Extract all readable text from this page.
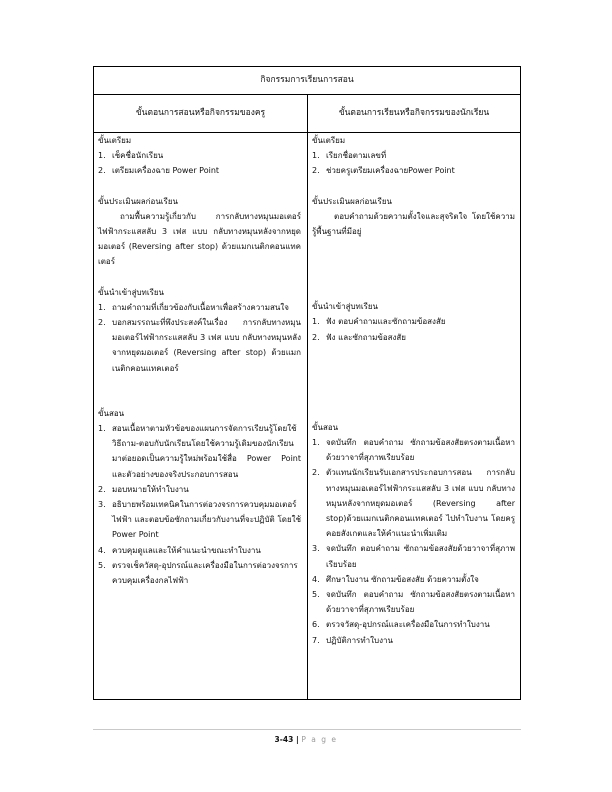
กิจกรรมการเรียนการสอน
ขั้นตอนการสอนหรือกิจกรรมของครู	ขั้นตอนการเรียนหรือกิจกรรมของนักเรียน
ขั้นเตรียม
1. เช็คชื่อนักเรียน
2. เตรียมเครื่องฉาย Power Point
ขั้นประเมินผลก่อนเรียน
ถามพื้นความรู้เกี่ยวกับ การกลับทางหมุนมอเตอร์ไฟฟ้ากระแสสลับ 3 เฟส แบบ กลับทางหมุนหลังจากหยุดมอเตอร์ (Reversing after stop) ด้วยแมกเนติกคอนแทคเตอร์
ขั้นนำเข้าสู่บทเรียน
1. ถามคำถามที่เกี่ยวข้องกับเนื้อหาเพื่อสร้างความสนใจ
2. บอกสมรรถนะที่พึงประสงค์ในเรื่อง การกลับทางหมุนมอเตอร์ไฟฟ้ากระแสสลับ 3 เฟส แบบ กลับทางหมุนหลังจากหยุดมอเตอร์ (Reversing after stop) ด้วยแมกเนติกคอนแทคเตอร์
ขั้นสอน
1. สอนเนื้อหาตามหัวข้อของแผนการจัดการเรียนรู้โดยใช้วิธีถาม-ตอบกับนักเรียนโดยใช้ความรู้เดิมของนักเรียนมาต่อยอดเป็นความรู้ใหม่พร้อมใช้สื่อ Power Point และตัวอย่างของจริงประกอบการสอน
2. มอบหมายให้ทำใบงาน
3. อธิบายพร้อมเทคนิคในการต่อวงจรการควบคุมมอเตอร์ไฟฟ้า และตอบข้อซักถามเกี่ยวกับงานที่จะปฏิบัติ โดยใช้ Power Point
4. ควบคุมดูแลและให้คำแนะนำขณะทำใบงาน
5. ตรวจเช็ควัสดุ-อุปกรณ์และเครื่องมือในการต่อวงจรการควบคุมเครื่องกลไฟฟ้า
ขั้นเตรียม
1. เรียกชื่อตามเลขที่
2. ช่วยครูเตรียมเครื่องฉายPower Point
ขั้นประเมินผลก่อนเรียน
ตอบคำถามด้วยความตั้งใจและสุจริตใจ โดยใช้ความรู้พื้นฐานที่มีอยู่
ขั้นนำเข้าสู่บทเรียน
1. ฟัง ตอบคำถามและซักถามข้อสงสัย
2. ฟัง และซักถามข้อสงสัย
ขั้นสอน
1. จดบันทึก ตอบคำถาม ซักถามข้อสงสัยตรงตามเนื้อหาด้วยวาจาที่สุภาพเรียบร้อย
2. ตัวแทนนักเรียนรับเอกสารประกอบการสอน การกลับทางหมุนมอเตอร์ไฟฟ้ากระแสสลับ 3 เฟส แบบ กลับทางหมุนหลังจากหยุดมอเตอร์ (Reversing after stop)ด้วยแมกเนติกคอนแทคเตอร์ ไปทำใบงาน โดยครูคอยสังเกตและให้คำแนะนำเพิ่มเติม
3. จดบันทึก ตอบคำถาม ซักถามข้อสงสัยด้วยวาจาที่สุภาพเรียบร้อย
4. ศึกษาใบงาน ซักถามข้อสงสัย ด้วยความตั้งใจ
5. จดบันทึก ตอบคำถาม ซักถามข้อสงสัยตรงตามเนื้อหาด้วยวาจาที่สุภาพเรียบร้อย
6. ตรวจวัสดุ-อุปกรณ์และเครื่องมือในการทำใบงาน
7. ปฏิบัติการทำใบงาน
3-43 | P a g e
